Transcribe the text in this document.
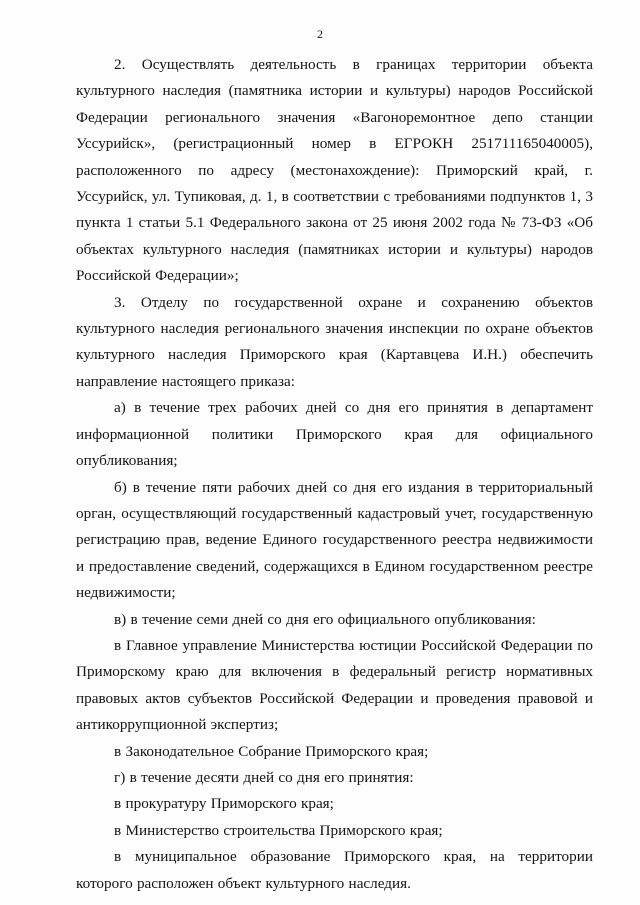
2

2. Осуществлять деятельность в границах территории объекта культурного наследия (памятника истории и культуры) народов Российской Федерации регионального значения «Вагоноремонтное депо станции Уссурийск», (регистрационный номер в ЕГРОКН 251711165040005), расположенного по адресу (местонахождение): Приморский край, г. Уссурийск, ул. Тупиковая, д. 1, в соответствии с требованиями подпунктов 1, 3 пункта 1 статьи 5.1 Федерального закона от 25 июня 2002 года № 73-ФЗ «Об объектах культурного наследия (памятниках истории и культуры) народов Российской Федерации»;

3. Отделу по государственной охране и сохранению объектов культурного наследия регионального значения инспекции по охране объектов культурного наследия Приморского края (Картавцева И.Н.) обеспечить направление настоящего приказа:

а) в течение трех рабочих дней со дня его принятия в департамент информационной политики Приморского края для официального опубликования;

б) в течение пяти рабочих дней со дня его издания в территориальный орган, осуществляющий государственный кадастровый учет, государственную регистрацию прав, ведение Единого государственного реестра недвижимости и предоставление сведений, содержащихся в Едином государственном реестре недвижимости;

в) в течение семи дней со дня его официального опубликования:

в Главное управление Министерства юстиции Российской Федерации по Приморскому краю для включения в федеральный регистр нормативных правовых актов субъектов Российской Федерации и проведения правовой и антикоррупционной экспертиз;

в Законодательное Собрание Приморского края;

г) в течение десяти дней со дня его принятия:

в прокуратуру Приморского края;

в Министерство строительства Приморского края;

в муниципальное образование Приморского края, на территории которого расположен объект культурного наследия.
